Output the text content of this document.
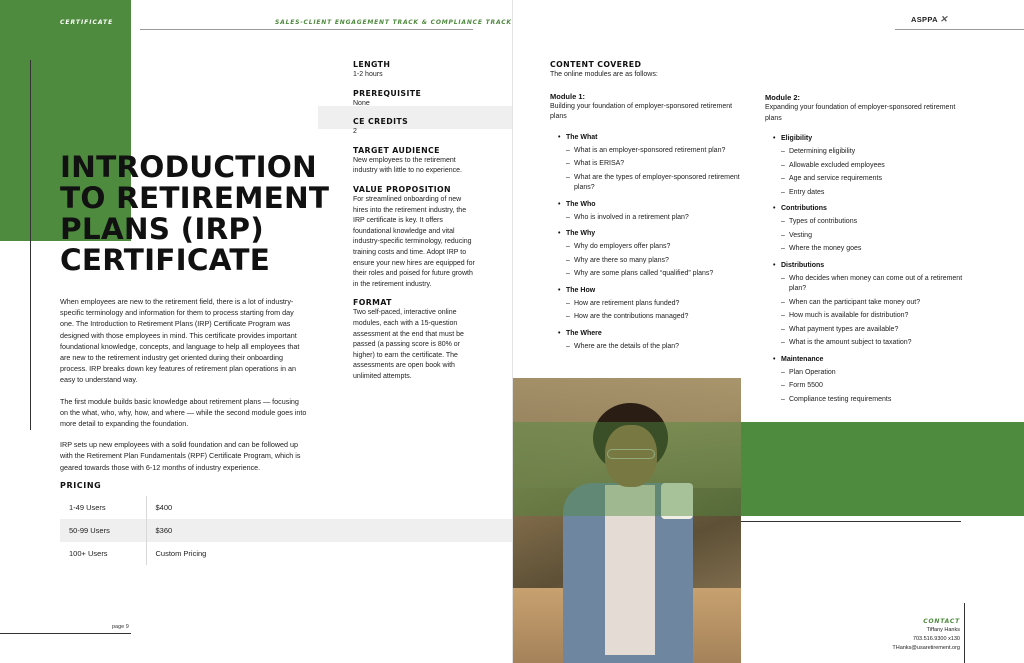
CERTIFICATE	SALES-CLIENT ENGAGEMENT TRACK & COMPLIANCE TRACK
INTRODUCTION
TO RETIREMENT
PLANS (IRP)
CERTIFICATE

When employees are new to the retirement field, there is a lot of industry-specific terminology and information for them to process starting from day one. The Introduction to Retirement Plans (IRP) Certificate Program was designed with those employees in mind. This certificate provides important foundational knowledge, concepts, and language to help all employees that are new to the retirement industry get oriented during their onboarding process. IRP breaks down key features of retirement plan operations in an easy to understand way.

The first module builds basic knowledge about retirement plans — focusing on the what, who, why, how, and where — while the second module goes into more detail to expanding the foundation.

IRP sets up new employees with a solid foundation and can be followed up with the Retirement Plan Fundamentals (RPF) Certificate Program, which is geared towards those with 6-12 months of industry experience.

PRICING
1-49 Users	$400
50-99 Users	$360
100+ Users	Custom Pricing
page 9
LENGTH
1-2 hours
PREREQUISITE
None
CE CREDITS
2
TARGET AUDIENCE
New employees to the retirement industry with little to no experience.
VALUE PROPOSITION
For streamlined onboarding of new hires into the retirement industry, the IRP certificate is key. It offers foundational knowledge and vital industry-specific terminology, reducing training costs and time. Adopt IRP to ensure your new hires are equipped for their roles and poised for future growth in the retirement industry.
FORMAT
Two self-paced, interactive online modules, each with a 15-question assessment at the end that must be passed (a passing score is 80% or higher) to earn the certificate. The assessments are open book with unlimited attempts.
ASPPA ✕
CONTENT COVERED
The online modules are as follows:
Module 1:
Building your foundation of employer-sponsored retirement plans
• The What
– What is an employer-sponsored retirement plan?
– What is ERISA?
– What are the types of employer-sponsored retirement plans?
• The Who
– Who is involved in a retirement plan?
• The Why
– Why do employers offer plans?
– Why are there so many plans?
– Why are some plans called “qualified” plans?
• The How
– How are retirement plans funded?
– How are the contributions managed?
• The Where
– Where are the details of the plan?
Module 2:
Expanding your foundation of employer-sponsored retirement plans
• Eligibility
– Determining eligibility
– Allowable excluded employees
– Age and service requirements
– Entry dates
• Contributions
– Types of contributions
– Vesting
– Where the money goes
• Distributions
– Who decides when money can come out of a retirement plan?
– When can the participant take money out?
– How much is available for distribution?
– What payment types are available?
– What is the amount subject to taxation?
• Maintenance
– Plan Operation
– Form 5500
– Compliance testing requirements
CONTACT
Tiffany Hanks
703.516.9300 x130
THanks@usaretirement.org
